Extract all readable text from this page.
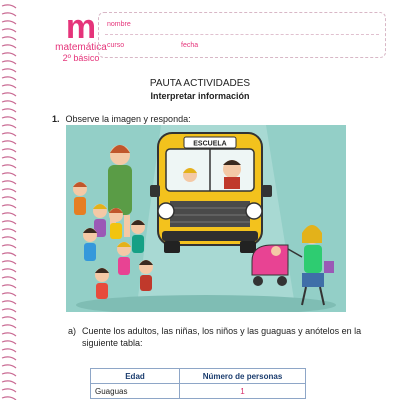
m
matemática
2º básico
nombre
curso	fecha
PAUTA ACTIVIDADES
Interpretar información
1. Observe la imagen y responda:
ESCUELA
a) Cuente los adultos, las niñas, los niños y las guaguas y anótelos en la siguiente tabla:
Edad	Número de personas
Guaguas	1
